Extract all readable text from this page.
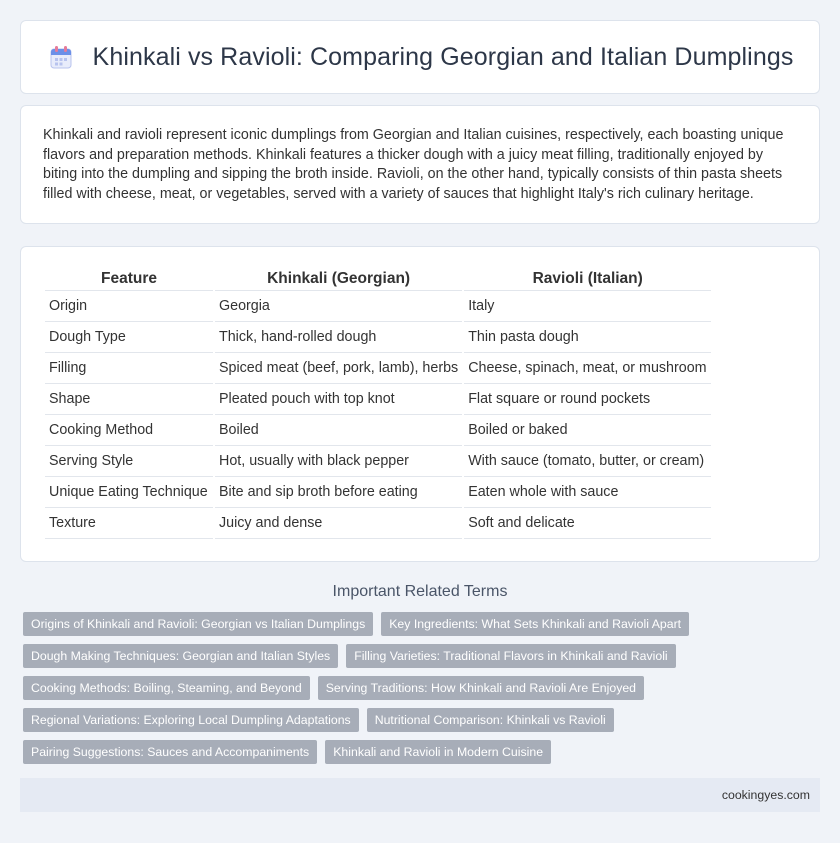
Khinkali vs Ravioli: Comparing Georgian and Italian Dumplings

Khinkali and ravioli represent iconic dumplings from Georgian and Italian cuisines, respectively, each boasting unique flavors and preparation methods. Khinkali features a thicker dough with a juicy meat filling, traditionally enjoyed by biting into the dumpling and sipping the broth inside. Ravioli, on the other hand, typically consists of thin pasta sheets filled with cheese, meat, or vegetables, served with a variety of sauces that highlight Italy's rich culinary heritage.

Feature	Khinkali (Georgian)	Ravioli (Italian)
Origin	Georgia	Italy
Dough Type	Thick, hand-rolled dough	Thin pasta dough
Filling	Spiced meat (beef, pork, lamb), herbs	Cheese, spinach, meat, or mushroom
Shape	Pleated pouch with top knot	Flat square or round pockets
Cooking Method	Boiled	Boiled or baked
Serving Style	Hot, usually with black pepper	With sauce (tomato, butter, or cream)
Unique Eating Technique	Bite and sip broth before eating	Eaten whole with sauce
Texture	Juicy and dense	Soft and delicate
Important Related Terms
Origins of Khinkali and Ravioli: Georgian vs Italian Dumplings	Key Ingredients: What Sets Khinkali and Ravioli Apart
Dough Making Techniques: Georgian and Italian Styles	Filling Varieties: Traditional Flavors in Khinkali and Ravioli
Cooking Methods: Boiling, Steaming, and Beyond	Serving Traditions: How Khinkali and Ravioli Are Enjoyed
Regional Variations: Exploring Local Dumpling Adaptations	Nutritional Comparison: Khinkali vs Ravioli
Pairing Suggestions: Sauces and Accompaniments	Khinkali and Ravioli in Modern Cuisine
cookingyes.com
